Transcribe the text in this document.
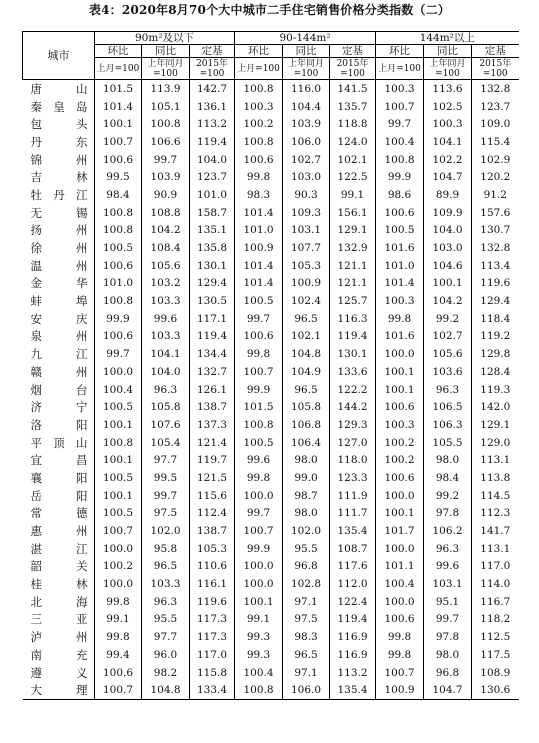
表4：2020年8月70个大中城市二手住宅销售价格分类指数（二）
城市	90m²及以下			90-144m²			144m²以上		
	环比	同比	定基	环比	同比	定基	环比	同比	定基
	上月=100	上年同月=100	2015年=100	上月=100	上年同月=100	2015年=100	上月=100	上年同月=100	2015年=100
唐山	101.5	113.9	142.7	100.8	116.0	141.5	100.3	113.6	132.8
秦皇岛	101.4	105.1	136.1	100.3	104.4	135.7	100.7	102.5	123.7
包头	100.1	100.8	113.2	100.2	103.9	118.8	99.7	100.3	109.0
丹东	100.7	106.6	119.4	100.8	106.0	124.0	100.4	104.1	115.4
锦州	100.6	99.7	104.0	100.6	102.7	102.1	100.8	102.2	102.9
吉林	99.5	103.9	123.7	99.8	103.0	122.5	99.9	104.7	120.2
牡丹江	98.4	90.9	101.0	98.3	90.3	99.1	98.6	89.9	91.2
无锡	100.8	108.8	158.7	101.4	109.3	156.1	100.6	109.9	157.6
扬州	100.8	104.2	135.1	101.0	103.1	129.1	100.5	104.0	130.7
徐州	100.5	108.4	135.8	100.9	107.7	132.9	101.6	103.0	132.8
温州	100.6	105.6	130.1	101.4	105.3	121.1	101.0	104.6	113.4
金华	101.0	103.2	129.4	101.4	100.9	121.1	101.4	100.1	119.6
蚌埠	100.8	103.3	130.5	100.5	102.4	125.7	100.3	104.2	129.4
安庆	99.9	99.6	117.1	99.7	96.5	116.3	99.8	99.2	118.4
泉州	100.6	103.3	119.4	100.6	102.1	119.4	101.6	102.7	119.2
九江	99.7	104.1	134.4	99.8	104.8	130.1	100.0	105.6	129.8
赣州	100.0	104.0	132.7	100.7	104.9	133.6	100.1	103.6	128.4
烟台	100.4	96.3	126.1	99.9	96.5	122.2	100.1	96.3	119.3
济宁	100.5	105.8	138.7	101.5	105.8	144.2	100.6	106.5	142.0
洛阳	100.1	107.6	137.3	100.8	106.8	129.3	100.3	106.3	129.1
平顶山	100.8	105.4	121.4	100.5	106.4	127.0	100.2	105.5	129.0
宜昌	100.1	97.7	119.7	99.6	98.0	118.0	100.2	98.0	113.1
襄阳	100.5	99.5	121.5	99.8	99.0	123.3	100.6	98.4	113.8
岳阳	100.1	99.7	115.6	100.0	98.7	111.9	100.0	99.2	114.5
常德	100.5	97.5	112.4	99.7	98.0	111.7	100.1	97.8	112.3
惠州	100.7	102.0	138.7	100.7	102.0	135.4	101.7	106.2	141.7
湛江	100.0	95.8	105.3	99.9	95.5	108.7	100.0	96.3	113.1
韶关	100.2	96.5	110.6	100.0	96.8	117.6	101.1	99.6	117.0
桂林	100.0	103.3	116.1	100.0	102.8	112.0	100.4	103.1	114.0
北海	99.8	96.3	119.6	100.1	97.1	122.4	100.0	95.1	116.7
三亚	99.1	95.5	117.3	99.1	97.5	119.4	100.6	99.7	118.2
泸州	99.8	97.7	117.3	99.3	98.3	116.9	99.8	97.8	112.5
南充	99.4	96.0	117.0	99.3	96.5	116.9	99.8	98.0	117.5
遵义	100.6	98.2	115.8	100.4	97.1	113.2	100.7	96.8	108.9
大理	100.7	104.8	133.4	100.8	106.0	135.4	100.9	104.7	130.6
